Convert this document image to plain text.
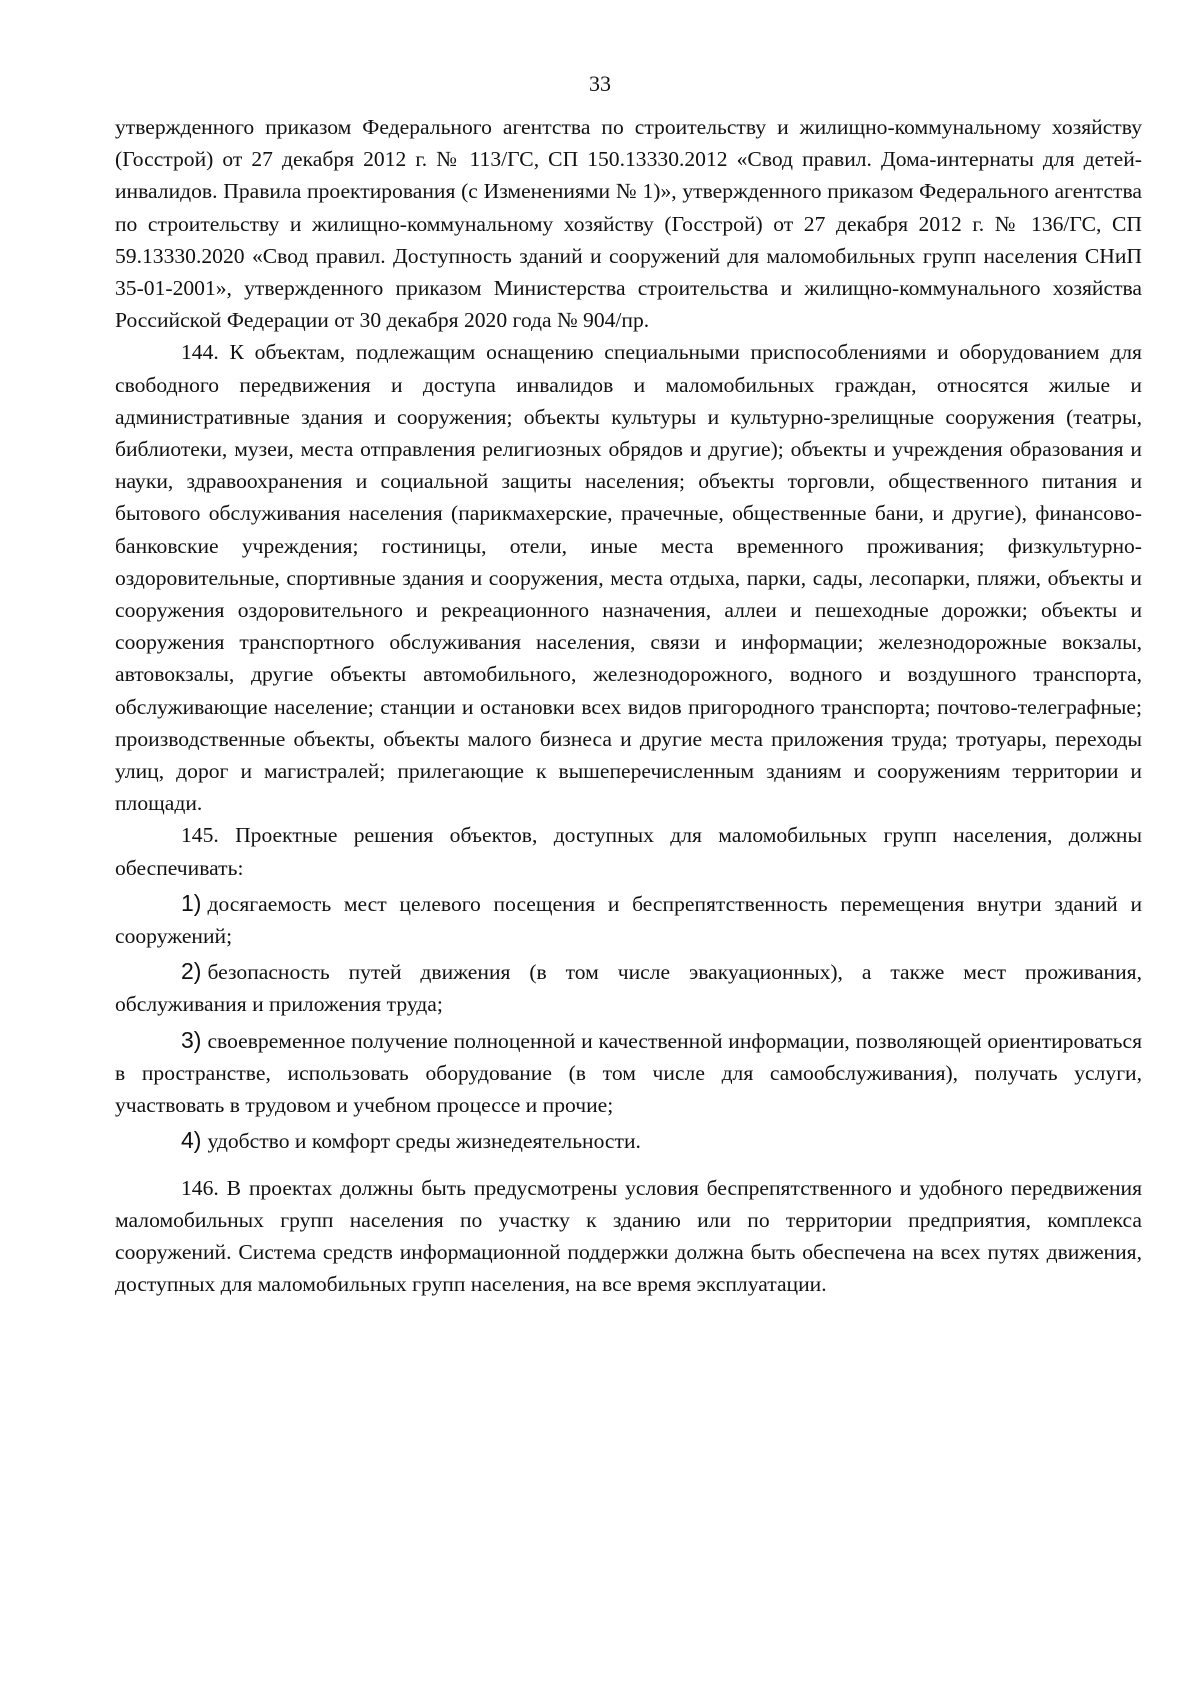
33

утвержденного приказом Федерального агентства по строительству и жилищно-коммунальному хозяйству (Госстрой) от 27 декабря 2012 г. № 113/ГС, СП 150.13330.2012 «Свод правил. Дома-интернаты для детей-инвалидов. Правила проектирования (с Изменениями № 1)», утвержденного приказом Федерального агентства по строительству и жилищно-коммунальному хозяйству (Госстрой) от 27 декабря 2012 г. № 136/ГС, СП 59.13330.2020 «Свод правил. Доступность зданий и сооружений для маломобильных групп населения СНиП 35-01-2001», утвержденного приказом Министерства строительства и жилищно-коммунального хозяйства Российской Федерации от 30 декабря 2020 года № 904/пр.

144. К объектам, подлежащим оснащению специальными приспособлениями и оборудованием для свободного передвижения и доступа инвалидов и маломобильных граждан, относятся жилые и административные здания и сооружения; объекты культуры и культурно-зрелищные сооружения (театры, библиотеки, музеи, места отправления религиозных обрядов и другие); объекты и учреждения образования и науки, здравоохранения и социальной защиты населения; объекты торговли, общественного питания и бытового обслуживания населения (парикмахерские, прачечные, общественные бани, и другие), финансово-банковские учреждения; гостиницы, отели, иные места временного проживания; физкультурно-оздоровительные, спортивные здания и сооружения, места отдыха, парки, сады, лесопарки, пляжи, объекты и сооружения оздоровительного и рекреационного назначения, аллеи и пешеходные дорожки; объекты и сооружения транспортного обслуживания населения, связи и информации; железнодорожные вокзалы, автовокзалы, другие объекты автомобильного, железнодорожного, водного и воздушного транспорта, обслуживающие население; станции и остановки всех видов пригородного транспорта; почтово-телеграфные; производственные объекты, объекты малого бизнеса и другие места приложения труда; тротуары, переходы улиц, дорог и магистралей; прилегающие к вышеперечисленным зданиям и сооружениям территории и площади.

145. Проектные решения объектов, доступных для маломобильных групп населения, должны обеспечивать:

1) досягаемость мест целевого посещения и беспрепятственность перемещения внутри зданий и сооружений;

2) безопасность путей движения (в том числе эвакуационных), а также мест проживания, обслуживания и приложения труда;

3) своевременное получение полноценной и качественной информации, позволяющей ориентироваться в пространстве, использовать оборудование (в том числе для самообслуживания), получать услуги, участвовать в трудовом и учебном процессе и прочие;

4) удобство и комфорт среды жизнедеятельности.

146. В проектах должны быть предусмотрены условия беспрепятственного и удобного передвижения маломобильных групп населения по участку к зданию или по территории предприятия, комплекса сооружений. Система средств информационной поддержки должна быть обеспечена на всех путях движения, доступных для маломобильных групп населения, на все время эксплуатации.
